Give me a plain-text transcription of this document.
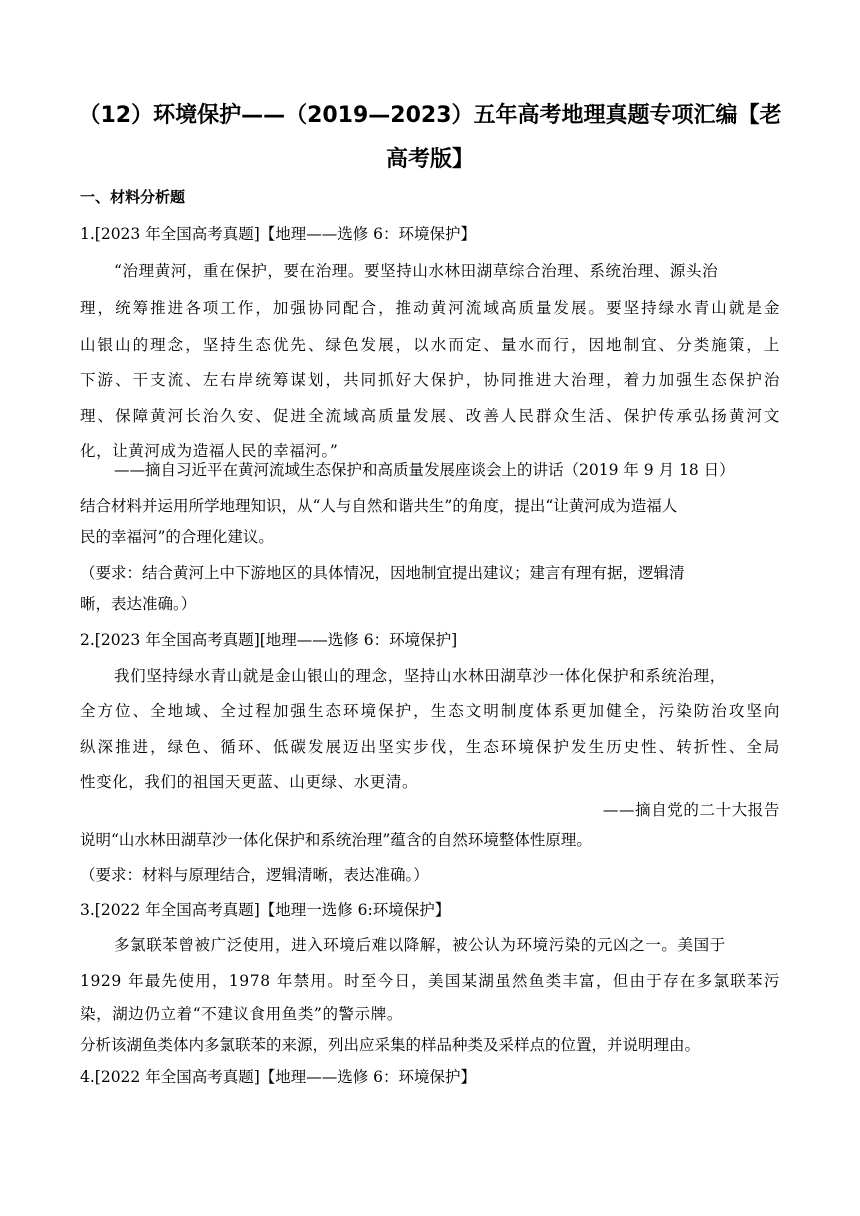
（12）环境保护——（2019—2023）五年高考地理真题专项汇编【老高考版】
一、材料分析题
1.[2023 年全国高考真题]【地理——选修 6：环境保护】
“治理黄河，重在保护，要在治理。要坚持山水林田湖草综合治理、系统治理、源头治
理，统筹推进各项工作，加强协同配合，推动黄河流域高质量发展。要坚持绿水青山就是金
山银山的理念，坚持生态优先、绿色发展，以水而定、量水而行，因地制宜、分类施策，上
下游、干支流、左右岸统筹谋划，共同抓好大保护，协同推进大治理，着力加强生态保护治
理、保障黄河长治久安、促进全流域高质量发展、改善人民群众生活、保护传承弘扬黄河文
化，让黄河成为造福人民的幸福河。”
——摘自习近平在黄河流域生态保护和高质量发展座谈会上的讲话（2019 年 9 月 18 日）
结合材料并运用所学地理知识，从“人与自然和谐共生”的角度，提出“让黄河成为造福人
民的幸福河”的合理化建议。
（要求：结合黄河上中下游地区的具体情况，因地制宜提出建议；建言有理有据，逻辑清
晰，表达准确。）
2.[2023 年全国高考真题][地理——选修 6：环境保护]
我们坚持绿水青山就是金山银山的理念，坚持山水林田湖草沙一体化保护和系统治理，
全方位、全地域、全过程加强生态环境保护，生态文明制度体系更加健全，污染防治攻坚向
纵深推进，绿色、循环、低碳发展迈出坚实步伐，生态环境保护发生历史性、转折性、全局
性变化，我们的祖国天更蓝、山更绿、水更清。
——摘自党的二十大报告
说明“山水林田湖草沙一体化保护和系统治理”蕴含的自然环境整体性原理。
（要求：材料与原理结合，逻辑清晰，表达准确。）
3.[2022 年全国高考真题]【地理一选修 6:环境保护】
多氯联苯曾被广泛使用，进入环境后难以降解，被公认为环境污染的元凶之一。美国于
1929 年最先使用，1978 年禁用。时至今日，美国某湖虽然鱼类丰富，但由于存在多氯联苯污
染，湖边仍立着“不建议食用鱼类”的警示牌。
分析该湖鱼类体内多氯联苯的来源，列出应采集的样品种类及采样点的位置，并说明理由。
4.[2022 年全国高考真题]【地理——选修 6：环境保护】
